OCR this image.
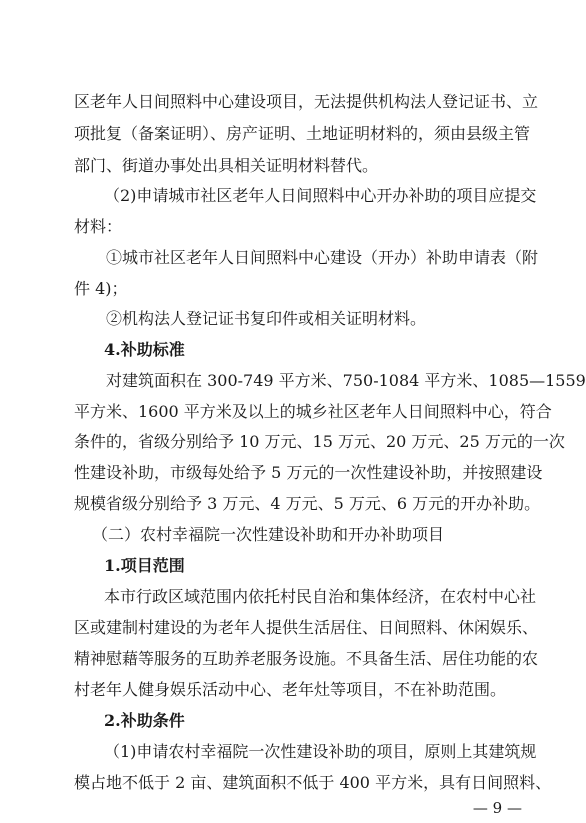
区老年人日间照料中心建设项目，无法提供机构法人登记证书、立
项批复（备案证明）、房产证明、土地证明材料的，须由县级主管
部门、街道办事处出具相关证明材料替代。
（2)申请城市社区老年人日间照料中心开办补助的项目应提交
材料：
①城市社区老年人日间照料中心建设（开办）补助申请表（附
件 4)；
②机构法人登记证书复印件或相关证明材料。
4.补助标准
对建筑面积在 300-749 平方米、750-1084 平方米、1085—1559
平方米、1600 平方米及以上的城乡社区老年人日间照料中心，符合
条件的，省级分别给予 10 万元、15 万元、20 万元、25 万元的一次
性建设补助，市级每处给予 5 万元的一次性建设补助，并按照建设
规模省级分别给予 3 万元、4 万元、5 万元、6 万元的开办补助。
（二）农村幸福院一次性建设补助和开办补助项目
1.项目范围
本市行政区域范围内依托村民自治和集体经济，在农村中心社
区或建制村建设的为老年人提供生活居住、日间照料、休闲娱乐、
精神慰藉等服务的互助养老服务设施。不具备生活、居住功能的农
村老年人健身娱乐活动中心、老年灶等项目，不在补助范围。
2.补助条件
（1)申请农村幸福院一次性建设补助的项目，原则上其建筑规
模占地不低于 2 亩、建筑面积不低于 400 平方米，具有日间照料、
— 9 —
